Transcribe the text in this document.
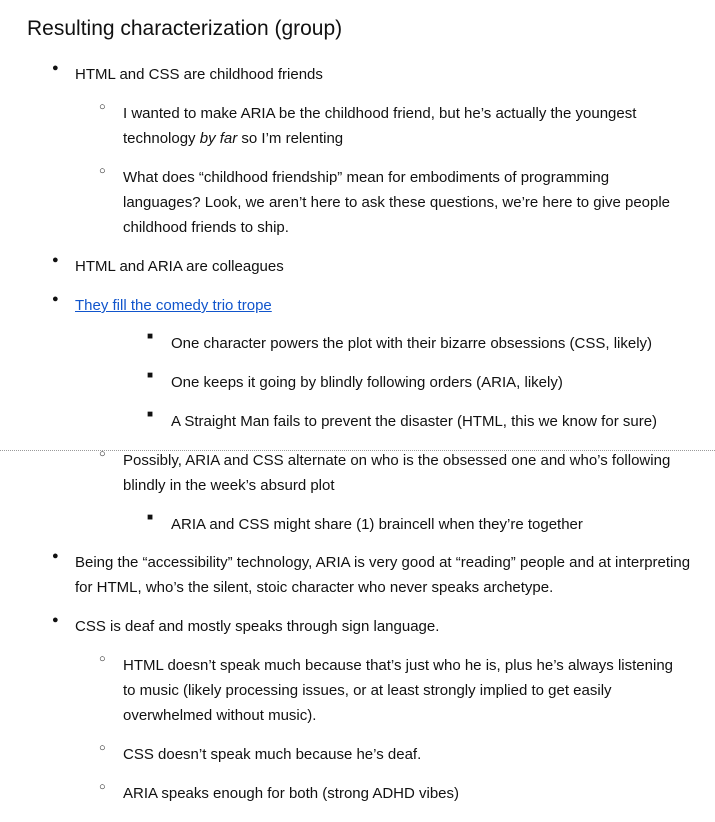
Resulting characterization (group)
● HTML and CSS are childhood friends
○ I wanted to make ARIA be the childhood friend, but he’s actually the youngest technology by far so I’m relenting
○ What does “childhood friendship” mean for embodiments of programming languages? Look, we aren’t here to ask these questions, we’re here to give people childhood friends to ship.
● HTML and ARIA are colleagues
● They fill the comedy trio trope
■ One character powers the plot with their bizarre obsessions (CSS, likely)
■ One keeps it going by blindly following orders (ARIA, likely)
■ A Straight Man fails to prevent the disaster (HTML, this we know for sure)
○ Possibly, ARIA and CSS alternate on who is the obsessed one and who’s following blindly in the week’s absurd plot
■ ARIA and CSS might share (1) braincell when they’re together
● Being the “accessibility” technology, ARIA is very good at “reading” people and at interpreting for HTML, who’s the silent, stoic character who never speaks archetype.
● CSS is deaf and mostly speaks through sign language.
○ HTML doesn’t speak much because that’s just who he is, plus he’s always listening to music (likely processing issues, or at least strongly implied to get easily overwhelmed without music).
○ CSS doesn’t speak much because he’s deaf.
○ ARIA speaks enough for both (strong ADHD vibes)
